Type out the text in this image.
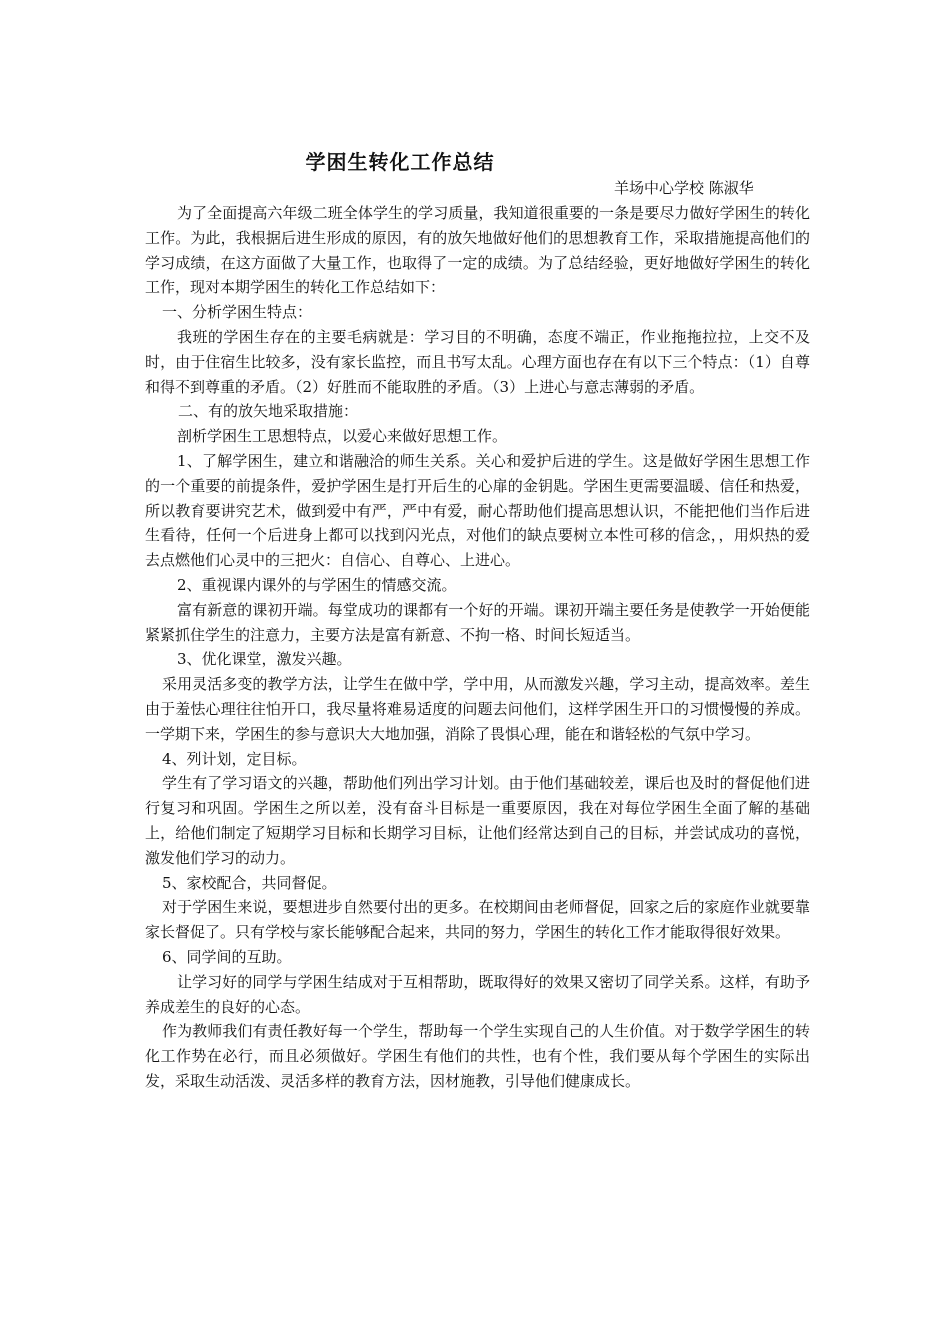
学困生转化工作总结
羊场中心学校 陈淑华

为了全面提高六年级二班全体学生的学习质量，我知道很重要的一条是要尽力做好学困生的转化工作。为此，我根据后进生形成的原因，有的放矢地做好他们的思想教育工作，采取措施提高他们的学习成绩，在这方面做了大量工作，也取得了一定的成绩。为了总结经验，更好地做好学困生的转化工作，现对本期学困生的转化工作总结如下：

一、分析学困生特点：

我班的学困生存在的主要毛病就是：学习目的不明确，态度不端正，作业拖拖拉拉，上交不及时，由于住宿生比较多，没有家长监控，而且书写太乱。心理方面也存在有以下三个特点：（1）自尊和得不到尊重的矛盾。（2）好胜而不能取胜的矛盾。（3）上进心与意志薄弱的矛盾。

二、有的放矢地采取措施：

剖析学困生工思想特点，以爱心来做好思想工作。

1、了解学困生，建立和谐融洽的师生关系。关心和爱护后进的学生。这是做好学困生思想工作的一个重要的前提条件，爱护学困生是打开后生的心扉的金钥匙。学困生更需要温暖、信任和热爱，所以教育要讲究艺术，做到爱中有严，严中有爱，耐心帮助他们提高思想认识，不能把他们当作后进生看待，任何一个后进身上都可以找到闪光点，对他们的缺点要树立本性可移的信念，，用炽热的爱去点燃他们心灵中的三把火：自信心、自尊心、上进心。

2、重视课内课外的与学困生的情感交流。

富有新意的课初开端。每堂成功的课都有一个好的开端。课初开端主要任务是使教学一开始便能紧紧抓住学生的注意力，主要方法是富有新意、不拘一格、时间长短适当。

3、优化课堂，激发兴趣。

采用灵活多变的教学方法，让学生在做中学，学中用，从而激发兴趣，学习主动，提高效率。差生由于羞怯心理往往怕开口，我尽量将难易适度的问题去问他们，这样学困生开口的习惯慢慢的养成。一学期下来，学困生的参与意识大大地加强，消除了畏惧心理，能在和谐轻松的气氛中学习。

4、列计划，定目标。

学生有了学习语文的兴趣，帮助他们列出学习计划。由于他们基础较差，课后也及时的督促他们进行复习和巩固。学困生之所以差，没有奋斗目标是一重要原因，我在对每位学困生全面了解的基础上，给他们制定了短期学习目标和长期学习目标，让他们经常达到自己的目标，并尝试成功的喜悦，激发他们学习的动力。

5、家校配合，共同督促。

对于学困生来说，要想进步自然要付出的更多。在校期间由老师督促，回家之后的家庭作业就要靠家长督促了。只有学校与家长能够配合起来，共同的努力，学困生的转化工作才能取得很好效果。

6、同学间的互助。

让学习好的同学与学困生结成对于互相帮助，既取得好的效果又密切了同学关系。这样，有助予养成差生的良好的心态。

作为教师我们有责任教好每一个学生，帮助每一个学生实现自己的人生价值。对于数学学困生的转化工作势在必行，而且必须做好。学困生有他们的共性，也有个性，我们要从每个学困生的实际出发，采取生动活泼、灵活多样的教育方法，因材施教，引导他们健康成长。
